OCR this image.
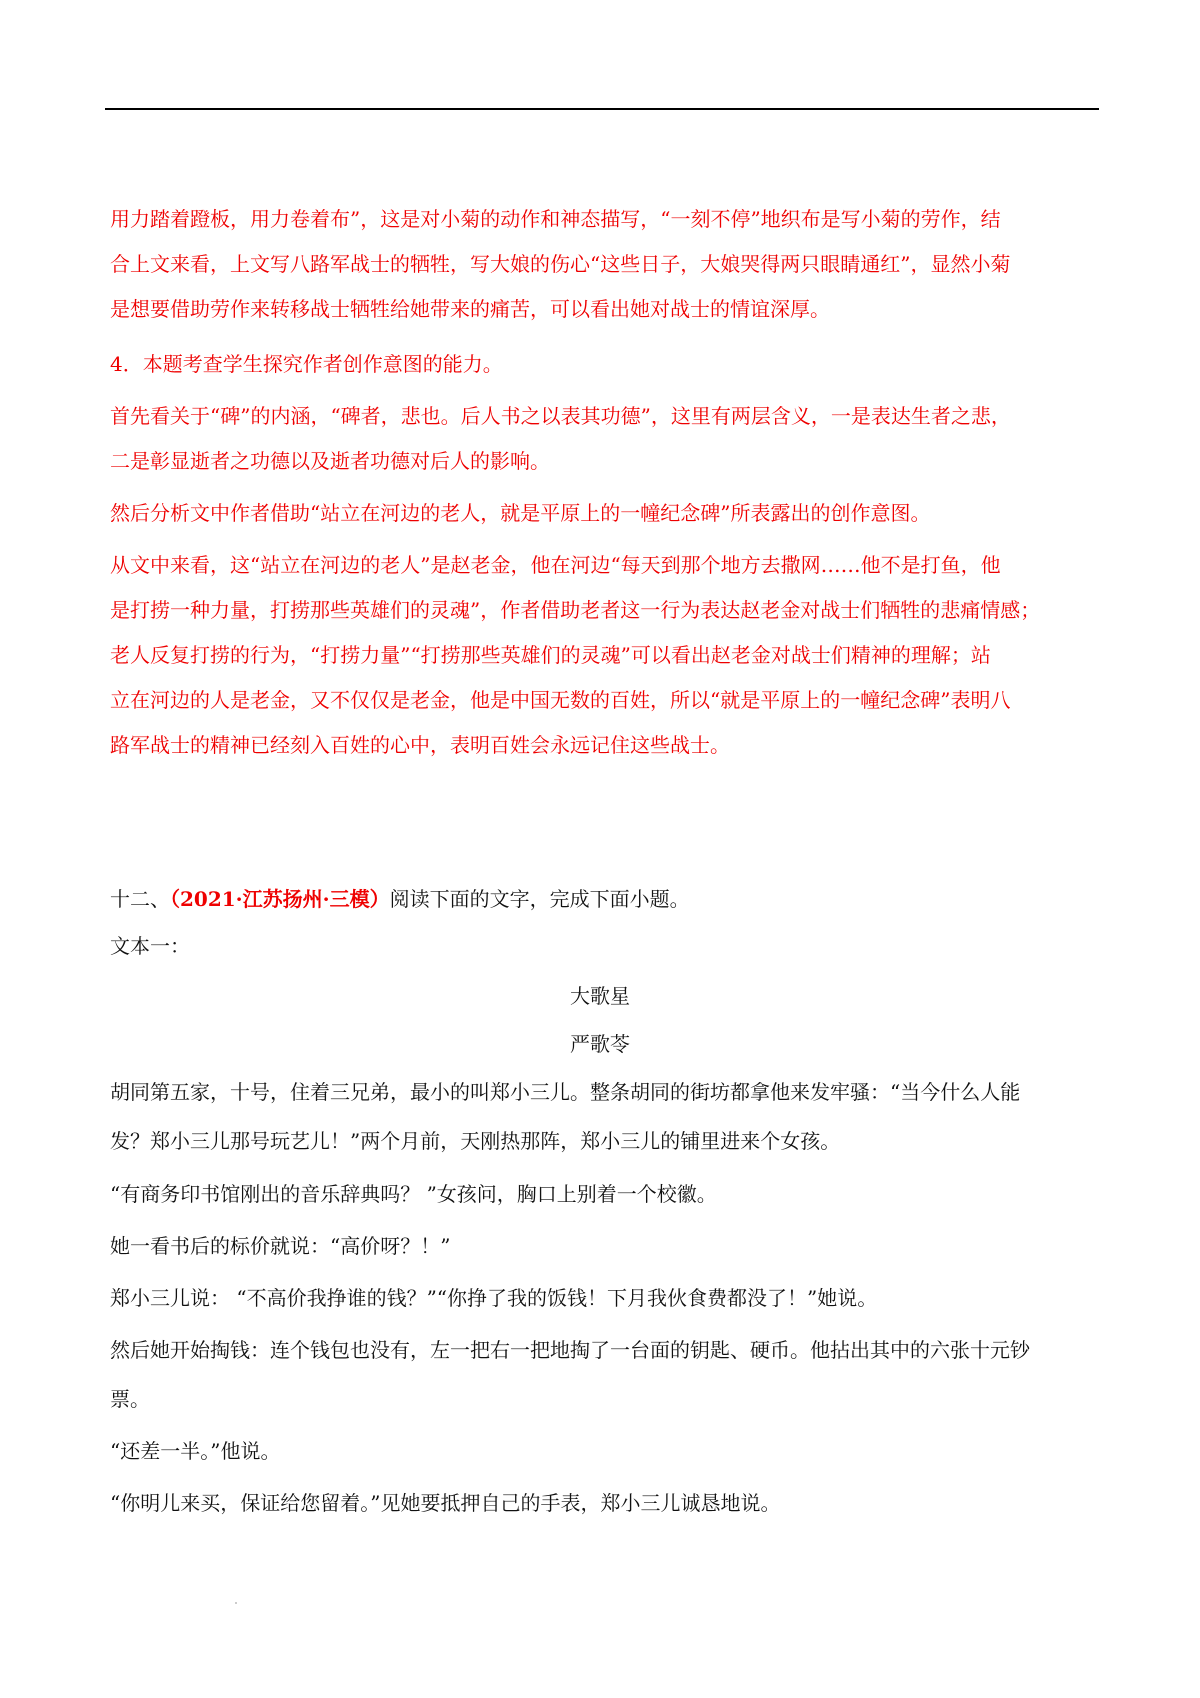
用力踏着蹬板，用力卷着布”，这是对小菊的动作和神态描写，“一刻不停”地织布是写小菊的劳作，结

合上文来看，上文写八路军战士的牺牲，写大娘的伤心“这些日子，大娘哭得两只眼睛通红”，显然小菊

是想要借助劳作来转移战士牺牲给她带来的痛苦，可以看出她对战士的情谊深厚。

4．本题考查学生探究作者创作意图的能力。

首先看关于“碑”的内涵，“碑者，悲也。后人书之以表其功德”，这里有两层含义，一是表达生者之悲，

二是彰显逝者之功德以及逝者功德对后人的影响。

然后分析文中作者借助“站立在河边的老人，就是平原上的一幢纪念碑”所表露出的创作意图。

从文中来看，这“站立在河边的老人”是赵老金，他在河边“每天到那个地方去撒网……他不是打鱼，他

是打捞一种力量，打捞那些英雄们的灵魂”，作者借助老者这一行为表达赵老金对战士们牺牲的悲痛情感；

老人反复打捞的行为，“打捞力量”“打捞那些英雄们的灵魂”可以看出赵老金对战士们精神的理解；站

立在河边的人是老金，又不仅仅是老金，他是中国无数的百姓，所以“就是平原上的一幢纪念碑”表明八

路军战士的精神已经刻入百姓的心中，表明百姓会永远记住这些战士。

十二、（2021·江苏扬州·三模）阅读下面的文字，完成下面小题。

文本一：

大歌星

严歌苓

胡同第五家，十号，住着三兄弟，最小的叫郑小三儿。整条胡同的街坊都拿他来发牢骚：“当今什么人能

发？郑小三儿那号玩艺儿！”两个月前，天刚热那阵，郑小三儿的铺里进来个女孩。

“有商务印书馆刚出的音乐辞典吗？ ”女孩问，胸口上别着一个校徽。

她一看书后的标价就说：“高价呀？！”

郑小三儿说： “不高价我挣谁的钱？”“你挣了我的饭钱！下月我伙食费都没了！”她说。

然后她开始掏钱：连个钱包也没有，左一把右一把地掏了一台面的钥匙、硬币。他拈出其中的六张十元钞

票。

“还差一半。”他说。

“你明儿来买，保证给您留着。”见她要抵押自己的手表，郑小三儿诚恳地说。
